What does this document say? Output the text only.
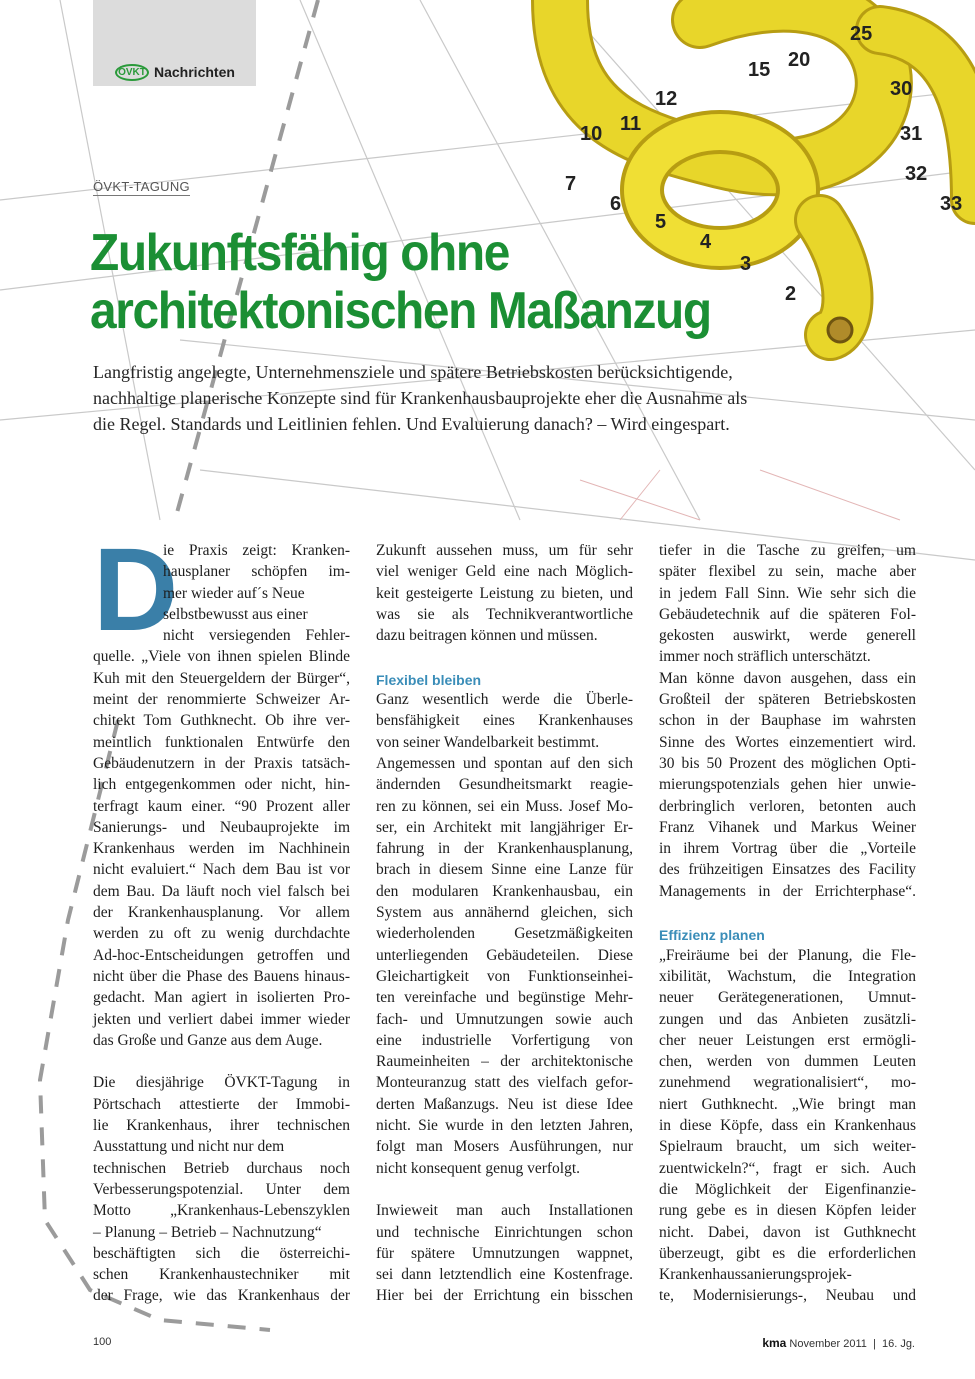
10 11
12
15 20
25
30
31
32
33
2
3
4
5
6
7
ÖVKT Nachrichten
ÖVKT-TAGUNG
Zukunftsfähig ohne
architektonischen Maßanzug

Langfristig angelegte, Unternehmensziele und spätere Betriebskosten berücksichtigende,
nachhaltige planerische Konzepte sind für Krankenhausbauprojekte eher die Ausnahme als
die Regel. Standards und Leitlinien fehlen. Und Evaluierung danach? – Wird eingespart.

D
ie Praxis zeigt: Kranken-
hausplaner schöpfen im-
mer wieder auf´s Neue
selbstbewusst aus einer
nicht versiegenden Fehler-
quelle. „Viele von ihnen spielen Blinde
Kuh mit den Steuergeldern der Bürger“,
meint der renommierte Schweizer Ar-
chitekt Tom Guthknecht. Ob ihre ver-
meintlich funktionalen Entwürfe den
Gebäudenutzern in der Praxis tatsäch-
lich entgegenkommen oder nicht, hin-
terfragt kaum einer. “90 Prozent aller
Sanierungs- und Neubauprojekte im
Krankenhaus werden im Nachhinein
nicht evaluiert.“ Nach dem Bau ist vor
dem Bau. Da läuft noch viel falsch bei
der Krankenhausplanung. Vor allem
werden zu oft zu wenig durchdachte
Ad-hoc-Entscheidungen getroffen und
nicht über die Phase des Bauens hinaus-
gedacht. Man agiert in isolierten Pro-
jekten und verliert dabei immer wieder
das Große und Ganze aus dem Auge.
Die diesjährige ÖVKT-Tagung in
Pörtschach attestierte der Immobi-
lie Krankenhaus, ihrer technischen
Ausstattung und nicht nur dem
technischen Betrieb durchaus noch
Verbesserungspotenzial. Unter dem
Motto „Krankenhaus-Lebenszyklen
– Planung – Betrieb – Nachnutzung“
beschäftigten sich die österreichi-
schen Krankenhaustechniker mit
der Frage, wie das Krankenhaus der
Zukunft aussehen muss, um für sehr
viel weniger Geld eine nach Möglich-
keit gesteigerte Leistung zu bieten, und
was sie als Technikverantwortliche
dazu beitragen können und müssen.
Flexibel bleiben
Ganz wesentlich werde die Überle-
bensfähigkeit eines Krankenhauses
von seiner Wandelbarkeit bestimmt.
Angemessen und spontan auf den sich
ändernden Gesundheitsmarkt reagie-
ren zu können, sei ein Muss. Josef Mo-
ser, ein Architekt mit langjähriger Er-
fahrung in der Krankenhausplanung,
brach in diesem Sinne eine Lanze für
den modularen Krankenhausbau, ein
System aus annähernd gleichen, sich
wiederholenden Gesetzmäßigkeiten
unterliegenden Gebäudeteilen. Diese
Gleichartigkeit von Funktionseinhei-
ten vereinfache und begünstige Mehr-
fach- und Umnutzungen sowie auch
eine industrielle Vorfertigung von
Raumeinheiten – der architektonische
Monteuranzug statt des vielfach gefor-
derten Maßanzugs. Neu ist diese Idee
nicht. Sie wurde in den letzten Jahren,
folgt man Mosers Ausführungen, nur
nicht konsequent genug verfolgt.
Inwieweit man auch Installationen
und technische Einrichtungen schon
für spätere Umnutzungen wappnet,
sei dann letztendlich eine Kostenfrage.
Hier bei der Errichtung ein bisschen
tiefer in die Tasche zu greifen, um
später flexibel zu sein, mache aber
in jedem Fall Sinn. Wie sehr sich die
Gebäudetechnik auf die späteren Fol-
gekosten auswirkt, werde generell
immer noch sträflich unterschätzt.
Man könne davon ausgehen, dass ein
Großteil der späteren Betriebskosten
schon in der Bauphase im wahrsten
Sinne des Wortes einzementiert wird.
30 bis 50 Prozent des möglichen Opti-
mierungspotenzials gehen hier unwie-
derbringlich verloren, betonten auch
Franz Vihanek und Markus Weiner
in ihrem Vortrag über die „Vorteile
des frühzeitigen Einsatzes des Facility
Managements in der Errichterphase“.
Effizienz planen
„Freiräume bei der Planung, die Fle-
xibilität, Wachstum, die Integration
neuer Gerätegenerationen, Umnut-
zungen und das Anbieten zusätzli-
cher neuer Leistungen erst ermögli-
chen, werden von dummen Leuten
zunehmend wegrationalisiert“, mo-
niert Guthknecht. „Wie bringt man
in diese Köpfe, dass ein Krankenhaus
Spielraum braucht, um sich weiter-
zuentwickeln?“, fragt er sich. Auch
die Möglichkeit der Eigenfinanzie-
rung gebe es in diesen Köpfen leider
nicht. Dabei, davon ist Guthknecht
überzeugt, gibt es die erforderlichen
Krankenhaussanierungsprojek-
te, Modernisierungs-, Neubau und
100	kma November 2011 | 16. Jg.
